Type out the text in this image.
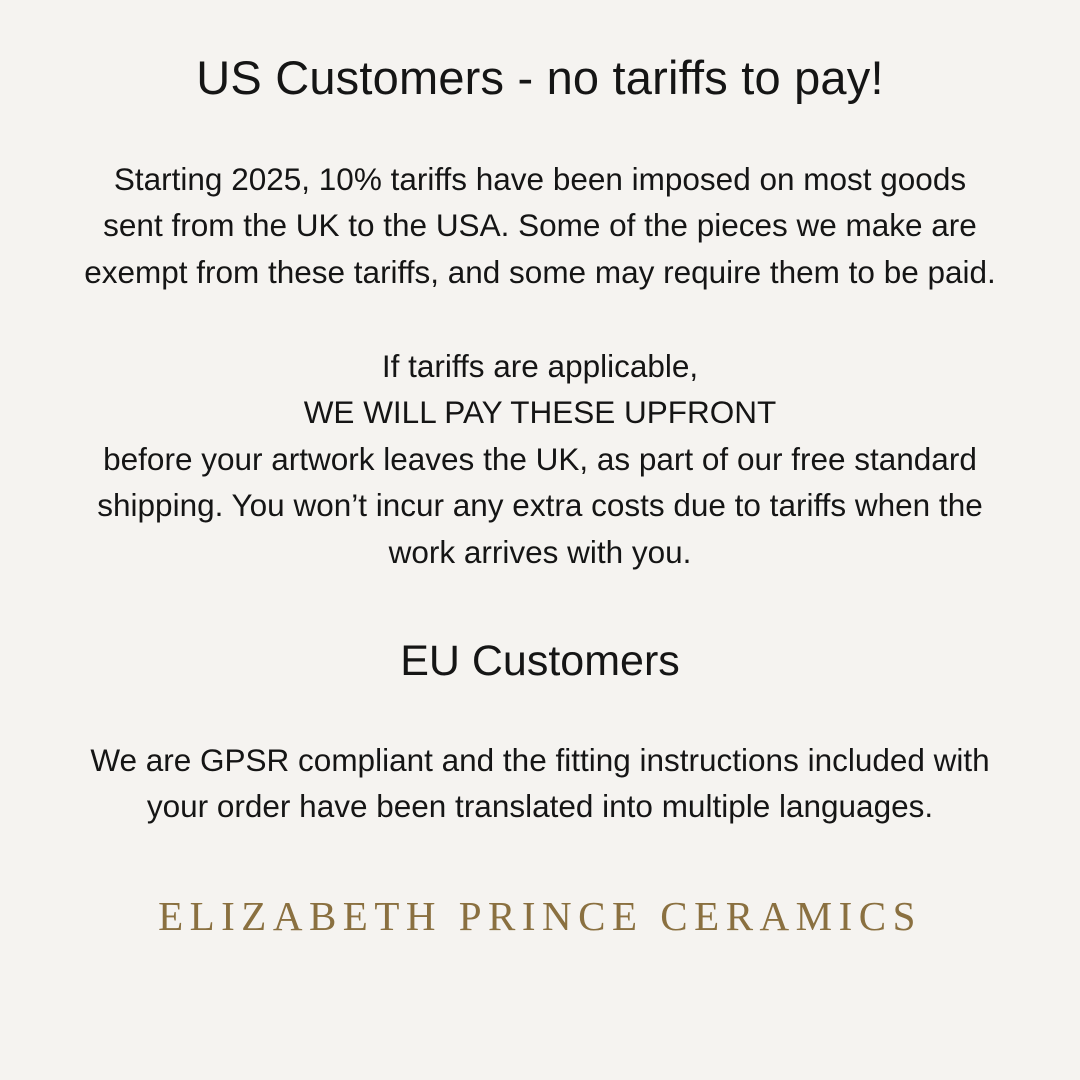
US Customers - no tariffs to pay!

Starting 2025, 10% tariffs have been imposed on most goods sent from the UK to the USA. Some of the pieces we make are exempt from these tariffs, and some may require them to be paid.

If tariffs are applicable,
WE WILL PAY THESE UPFRONT
before your artwork leaves the UK, as part of our free standard shipping. You won’t incur any extra costs due to tariffs when the work arrives with you.
EU Customers

We are GPSR compliant and the fitting instructions included with your order have been translated into multiple languages.

ELIZABETH PRINCE CERAMICS
